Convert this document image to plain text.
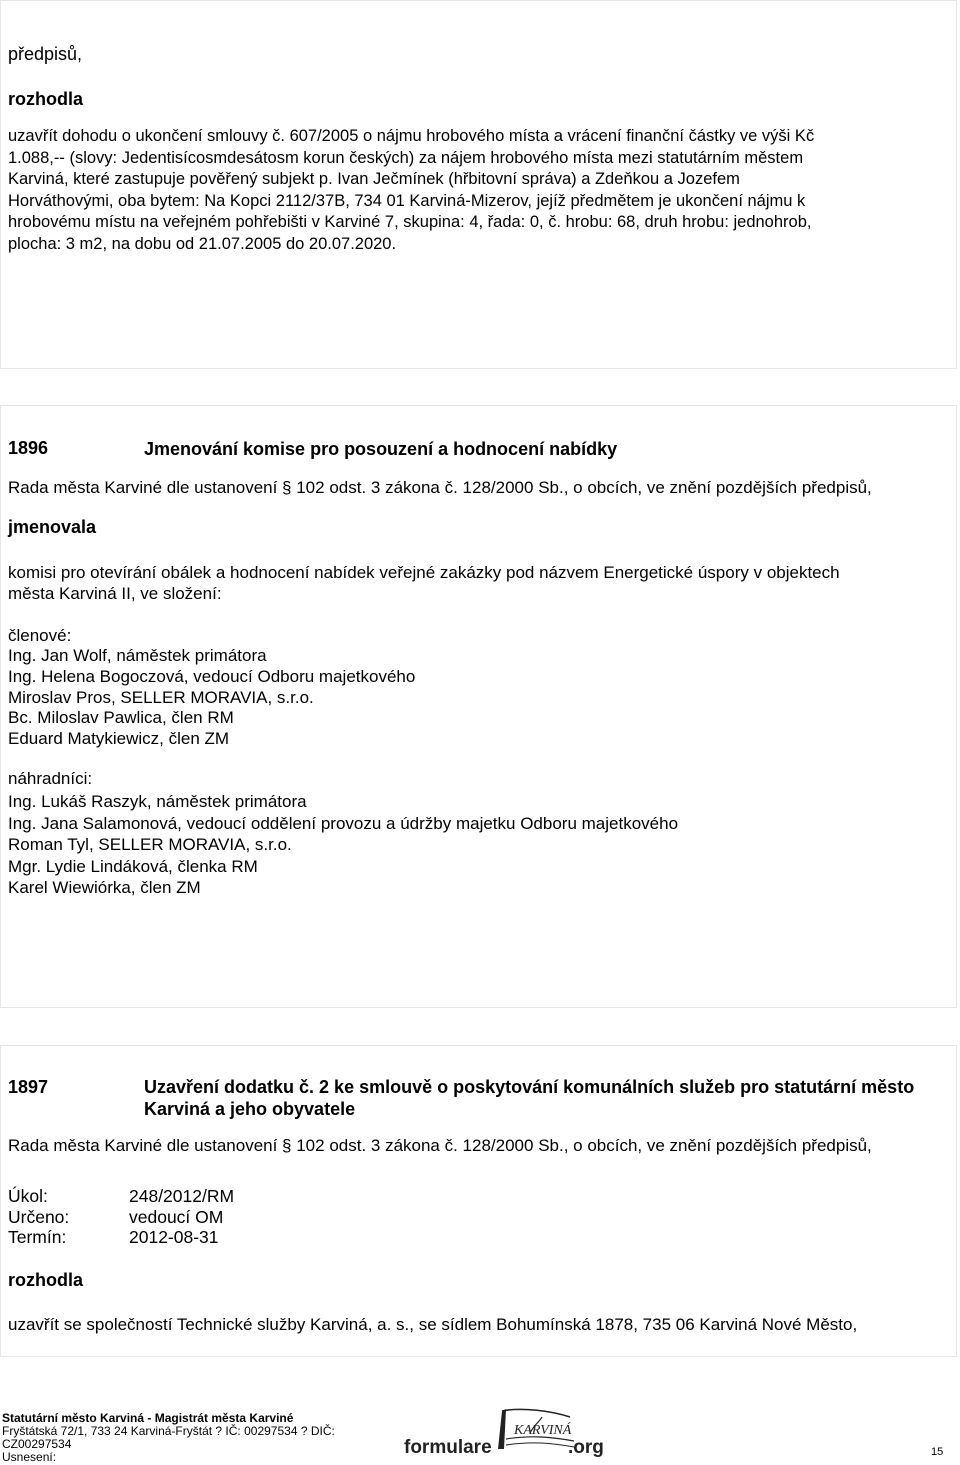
předpisů,
rozhodla
uzavřít dohodu o ukončení smlouvy č. 607/2005 o nájmu hrobového místa a vrácení finanční částky ve výši Kč
1.088,-- (slovy: Jedentisícosmdesátosm korun českých) za nájem hrobového místa mezi statutárním městem
Karviná, které zastupuje pověřený subjekt p. Ivan Ječmínek (hřbitovní správa) a Zdeňkou a Jozefem
Horváthovými, oba bytem: Na Kopci 2112/37B, 734 01 Karviná-Mizerov, jejíž předmětem je ukončení nájmu k
hrobovému místu na veřejném pohřebišti v Karviné 7, skupina: 4, řada: 0, č. hrobu: 68, druh hrobu: jednohrob,
plocha: 3 m2, na dobu od 21.07.2005 do 20.07.2020.
1896	Jmenování komise pro posouzení a hodnocení nabídky
Rada města Karviné dle ustanovení § 102 odst. 3 zákona č. 128/2000 Sb., o obcích, ve znění pozdějších předpisů,
jmenovala
komisi pro otevírání obálek a hodnocení nabídek veřejné zakázky pod názvem Energetické úspory v objektech
města Karviná II, ve složení:
členové:
Ing. Jan Wolf, náměstek primátora
Ing. Helena Bogoczová, vedoucí Odboru majetkového
Miroslav Pros, SELLER MORAVIA, s.r.o.
Bc. Miloslav Pawlica, člen RM
Eduard Matykiewicz, člen ZM
náhradníci:
Ing. Lukáš Raszyk, náměstek primátora
Ing. Jana Salamonová, vedoucí oddělení provozu a údržby majetku Odboru majetkového
Roman Tyl, SELLER MORAVIA, s.r.o.
Mgr. Lydie Lindáková, členka RM
Karel Wiewiórka, člen ZM
1897	Uzavření dodatku č. 2 ke smlouvě o poskytování komunálních služeb pro statutární město
Karviná a jeho obyvatele
Rada města Karviné dle ustanovení § 102 odst. 3 zákona č. 128/2000 Sb., o obcích, ve znění pozdějších předpisů,
Úkol:	248/2012/RM
Určeno:	vedoucí OM
Termín:	2012-08-31
rozhodla
uzavřít se společností Technické služby Karviná, a. s., se sídlem Bohumínská 1878, 735 06 Karviná Nové Město,
Statutární město Karviná - Magistrát města Karviné
Fryštátská 72/1, 733 24 Karviná-Fryštát ? IČ: 00297534 ? DIČ:
CZ00297534
Usnesení:	formulare
KARVINÁ
.org	15
